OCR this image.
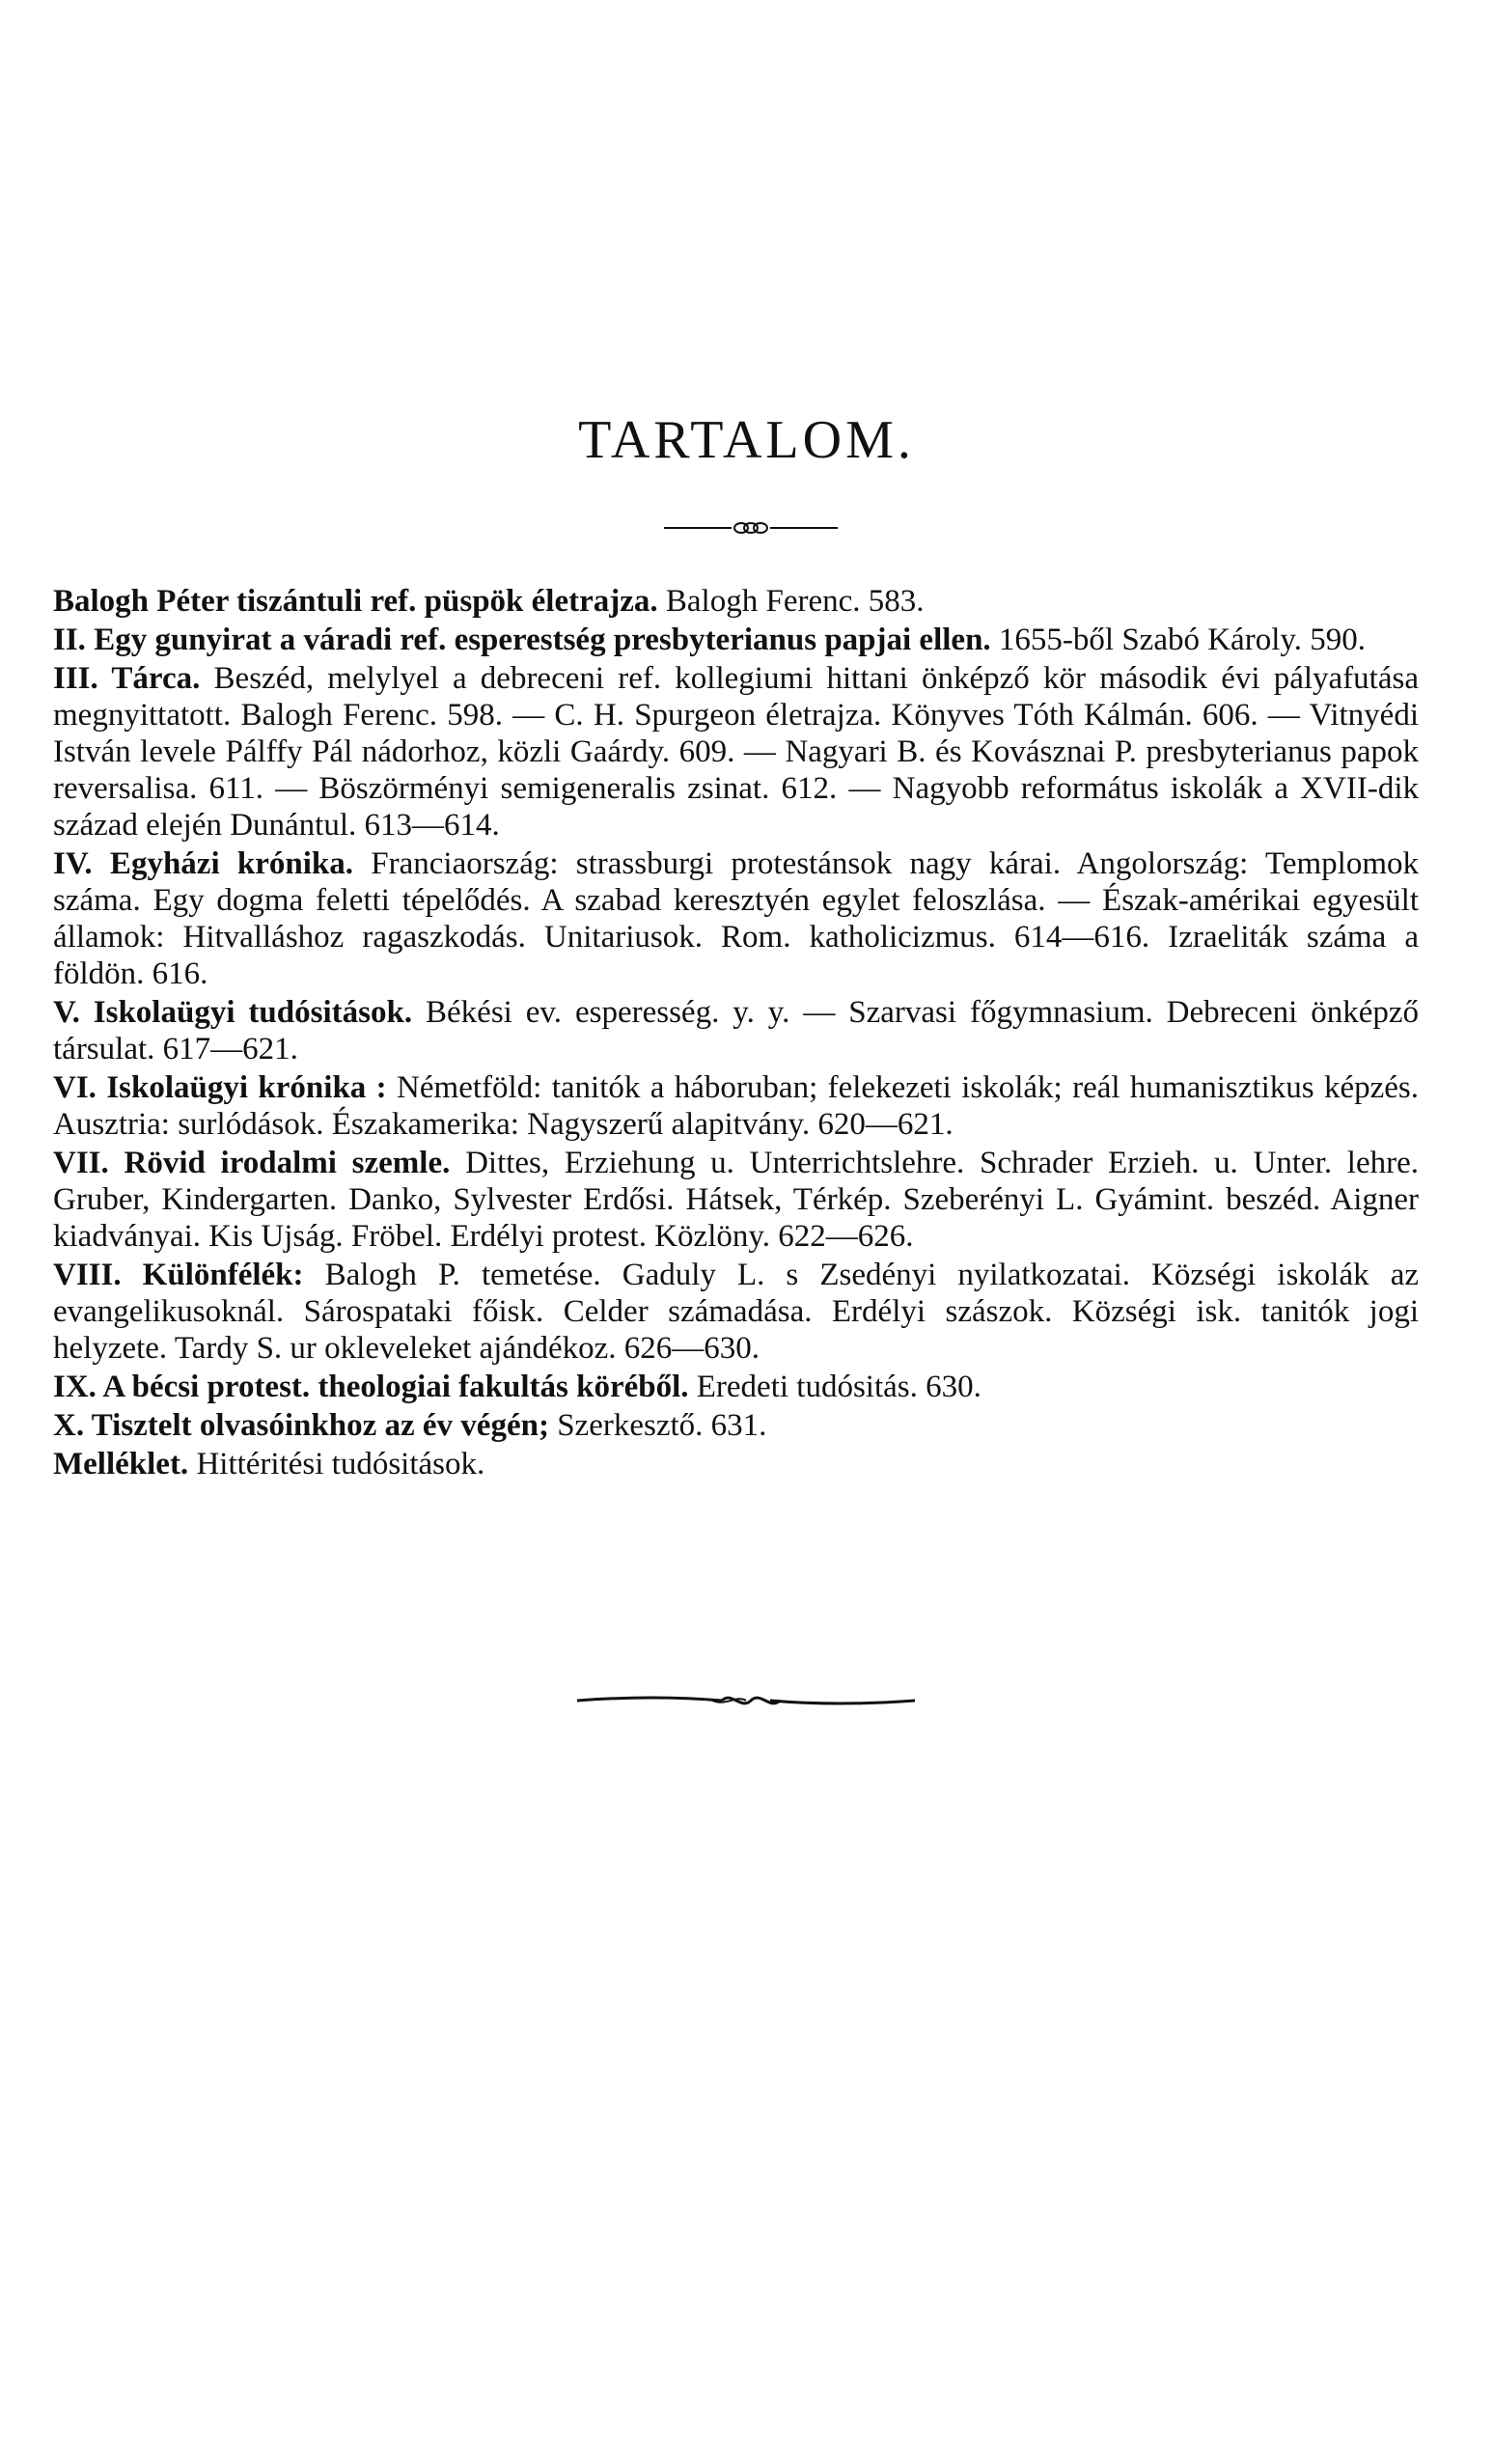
TARTALOM.

Balogh Péter tiszántuli ref. püspök életrajza. Balogh Ferenc. 583.

II. Egy gunyirat a váradi ref. esperestség presbyterianus papjai ellen. 1655-ből Szabó Károly. 590.

III. Tárca. Beszéd, melylyel a debreceni ref. kollegiumi hittani önképző kör második évi pályafutása megnyittatott. Balogh Ferenc. 598. — C. H. Spurgeon életrajza. Könyves Tóth Kálmán. 606. — Vitnyédi István levele Pálffy Pál nádorhoz, közli Gaárdy. 609. — Nagyari B. és Kovásznai P. presbyterianus papok reversalisa. 611. — Böszörményi semigeneralis zsinat. 612. — Nagyobb református iskolák a XVII-dik század elején Dunántul. 613—614.

IV. Egyházi krónika. Franciaország: strassburgi protestánsok nagy kárai. Angolország: Templomok száma. Egy dogma feletti tépelődés. A szabad keresztyén egylet feloszlása. — Észak-amérikai egyesült államok: Hitvalláshoz ragaszkodás. Unitariusok. Rom. katholicizmus. 614—616. Izraeliták száma a földön. 616.

V. Iskolaügyi tudósitások. Békési ev. esperesség. y. y. — Szarvasi főgymnasium. Debreceni önképző társulat. 617—621.

VI. Iskolaügyi krónika : Németföld: tanitók a háboruban; felekezeti iskolák; reál humanisztikus képzés. Ausztria: surlódások. Északamerika: Nagyszerű alapitvány. 620—621.

VII. Rövid irodalmi szemle. Dittes, Erziehung u. Unterrichtslehre. Schrader Erzieh. u. Unter. lehre. Gruber, Kindergarten. Danko, Sylvester Erdősi. Hátsek, Térkép. Szeberényi L. Gyámint. beszéd. Aigner kiadványai. Kis Ujság. Fröbel. Erdélyi protest. Közlöny. 622—626.

VIII. Különfélék: Balogh P. temetése. Gaduly L. s Zsedényi nyilatkozatai. Községi iskolák az evangelikusoknál. Sárospataki főisk. Celder számadása. Erdélyi szászok. Községi isk. tanitók jogi helyzete. Tardy S. ur okleveleket ajándékoz. 626—630.

IX. A bécsi protest. theologiai fakultás köréből. Eredeti tudósitás. 630.

X. Tisztelt olvasóinkhoz az év végén; Szerkesztő. 631.

Melléklet. Hittéritési tudósitások.
